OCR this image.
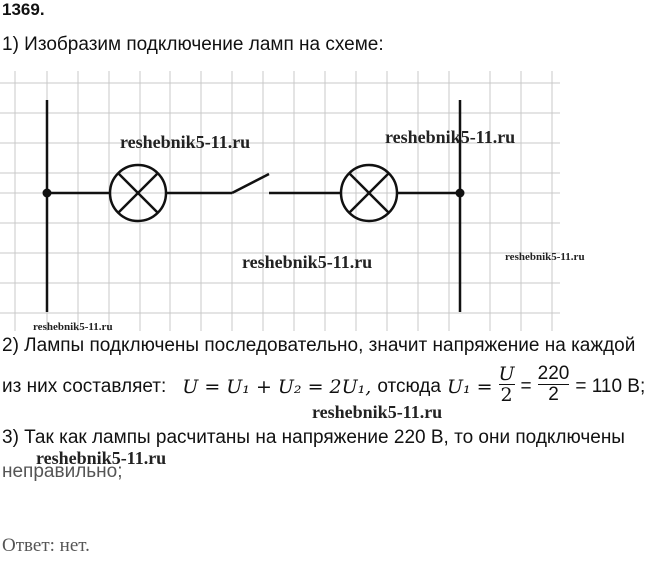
1369.
1) Изобразим подключение ламп на схеме:
reshebnik5-11.ru	reshebnik5-11.ru
reshebnik5-11.ru	reshebnik5-11.ru
reshebnik5-11.ru
2) Лампы подключены последовательно, значит напряжение на каждой
из них составляет: U = U₁ + U₂ = 2U₁, отсюда $U_1 = \frac{U}{2} = \frac{220}{2} = 110$ В;
reshebnik5-11.ru
3) Так как лампы расчитаны на напряжение 220 В, то они подключены
reshebnik5-11.ru
неправильно;
Ответ: нет.
